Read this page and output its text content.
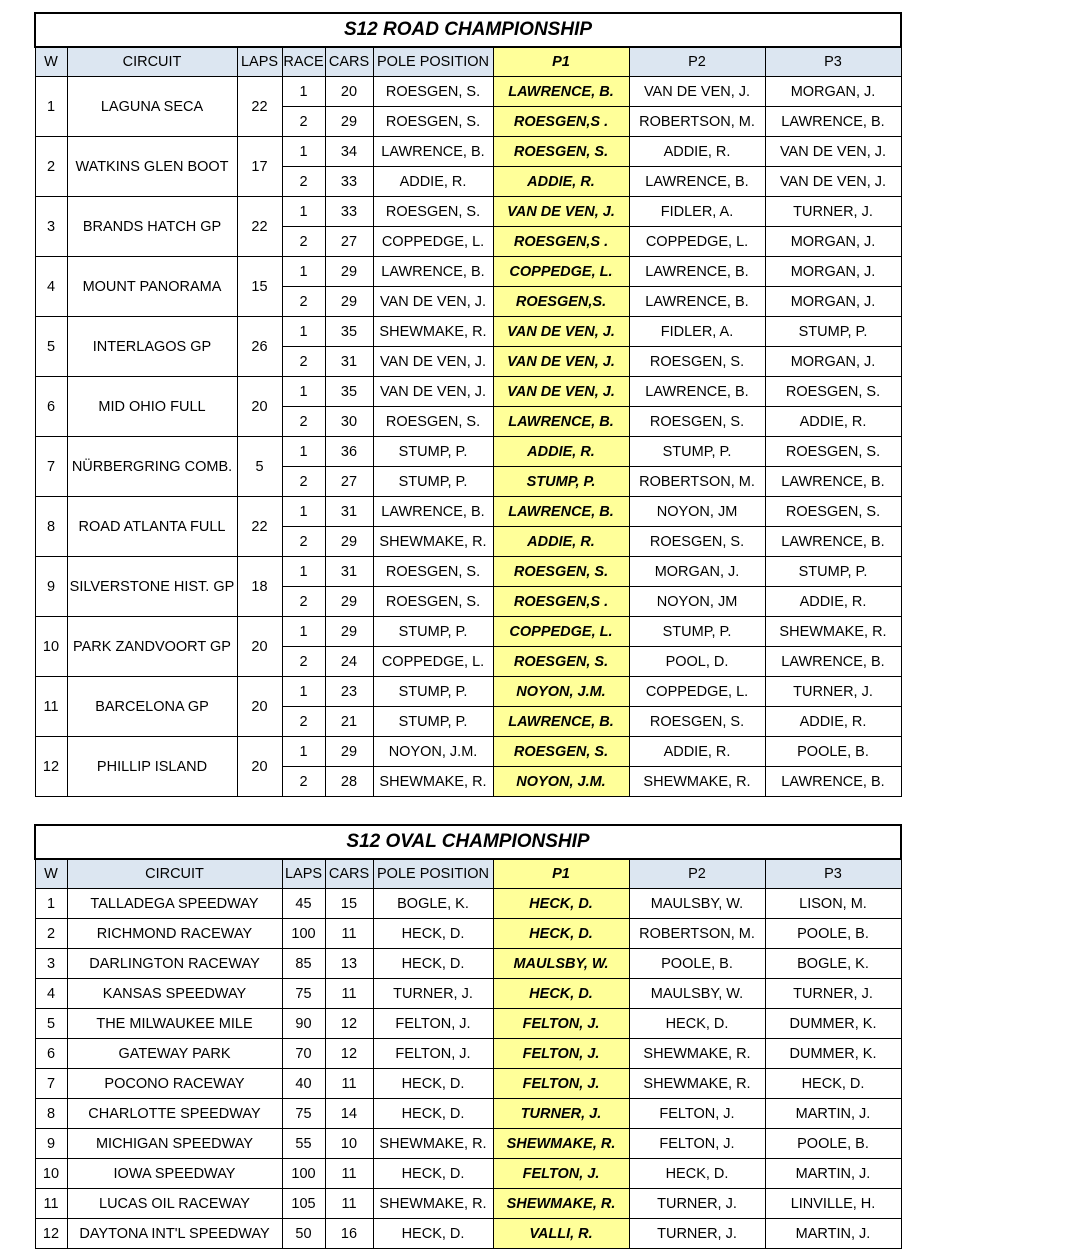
S12 ROAD CHAMPIONSHIP								
W	CIRCUIT	LAPS	RACE	CARS	POLE POSITION	P1	P2	P3
1	LAGUNA SECA	22	1	20	ROESGEN, S.	LAWRENCE, B.	VAN DE VEN, J.	MORGAN, J.
			2	29	ROESGEN, S.	ROESGEN,S .	ROBERTSON, M.	LAWRENCE, B.
2	WATKINS GLEN BOOT	17	1	34	LAWRENCE, B.	ROESGEN, S.	ADDIE, R.	VAN DE VEN, J.
			2	33	ADDIE, R.	ADDIE, R.	LAWRENCE, B.	VAN DE VEN, J.
3	BRANDS HATCH GP	22	1	33	ROESGEN, S.	VAN DE VEN, J.	FIDLER, A.	TURNER, J.
			2	27	COPPEDGE, L.	ROESGEN,S .	COPPEDGE, L.	MORGAN, J.
4	MOUNT PANORAMA	15	1	29	LAWRENCE, B.	COPPEDGE, L.	LAWRENCE, B.	MORGAN, J.
			2	29	VAN DE VEN, J.	ROESGEN,S.	LAWRENCE, B.	MORGAN, J.
5	INTERLAGOS GP	26	1	35	SHEWMAKE, R.	VAN DE VEN, J.	FIDLER, A.	STUMP, P.
			2	31	VAN DE VEN, J.	VAN DE VEN, J.	ROESGEN, S.	MORGAN, J.
6	MID OHIO FULL	20	1	35	VAN DE VEN, J.	VAN DE VEN, J.	LAWRENCE, B.	ROESGEN, S.
			2	30	ROESGEN, S.	LAWRENCE, B.	ROESGEN, S.	ADDIE, R.
7	NÜRBERGRING COMB.	5	1	36	STUMP, P.	ADDIE, R.	STUMP, P.	ROESGEN, S.
			2	27	STUMP, P.	STUMP, P.	ROBERTSON, M.	LAWRENCE, B.
8	ROAD ATLANTA FULL	22	1	31	LAWRENCE, B.	LAWRENCE, B.	NOYON, JM	ROESGEN, S.
			2	29	SHEWMAKE, R.	ADDIE, R.	ROESGEN, S.	LAWRENCE, B.
9	SILVERSTONE HIST. GP	18	1	31	ROESGEN, S.	ROESGEN, S.	MORGAN, J.	STUMP, P.
			2	29	ROESGEN, S.	ROESGEN,S .	NOYON, JM	ADDIE, R.
10	PARK ZANDVOORT GP	20	1	29	STUMP, P.	COPPEDGE, L.	STUMP, P.	SHEWMAKE, R.
			2	24	COPPEDGE, L.	ROESGEN, S.	POOL, D.	LAWRENCE, B.
11	BARCELONA GP	20	1	23	STUMP, P.	NOYON, J.M.	COPPEDGE, L.	TURNER, J.
			2	21	STUMP, P.	LAWRENCE, B.	ROESGEN, S.	ADDIE, R.
12	PHILLIP ISLAND	20	1	29	NOYON, J.M.	ROESGEN, S.	ADDIE, R.	POOLE, B.
			2	28	SHEWMAKE, R.	NOYON, J.M.	SHEWMAKE, R.	LAWRENCE, B.
S12 OVAL CHAMPIONSHIP							
W	CIRCUIT	LAPS	CARS	POLE POSITION	P1	P2	P3
1	TALLADEGA SPEEDWAY	45	15	BOGLE, K.	HECK, D.	MAULSBY, W.	LISON, M.
2	RICHMOND RACEWAY	100	11	HECK, D.	HECK, D.	ROBERTSON, M.	POOLE, B.
3	DARLINGTON RACEWAY	85	13	HECK, D.	MAULSBY, W.	POOLE, B.	BOGLE, K.
4	KANSAS SPEEDWAY	75	11	TURNER, J.	HECK, D.	MAULSBY, W.	TURNER, J.
5	THE MILWAUKEE MILE	90	12	FELTON, J.	FELTON, J.	HECK, D.	DUMMER, K.
6	GATEWAY PARK	70	12	FELTON, J.	FELTON, J.	SHEWMAKE, R.	DUMMER, K.
7	POCONO RACEWAY	40	11	HECK, D.	FELTON, J.	SHEWMAKE, R.	HECK, D.
8	CHARLOTTE SPEEDWAY	75	14	HECK, D.	TURNER, J.	FELTON, J.	MARTIN, J.
9	MICHIGAN SPEEDWAY	55	10	SHEWMAKE, R.	SHEWMAKE, R.	FELTON, J.	POOLE, B.
10	IOWA SPEEDWAY	100	11	HECK, D.	FELTON, J.	HECK, D.	MARTIN, J.
11	LUCAS OIL RACEWAY	105	11	SHEWMAKE, R.	SHEWMAKE, R.	TURNER, J.	LINVILLE, H.
12	DAYTONA INT'L SPEEDWAY	50	16	HECK, D.	VALLI, R.	TURNER, J.	MARTIN, J.
